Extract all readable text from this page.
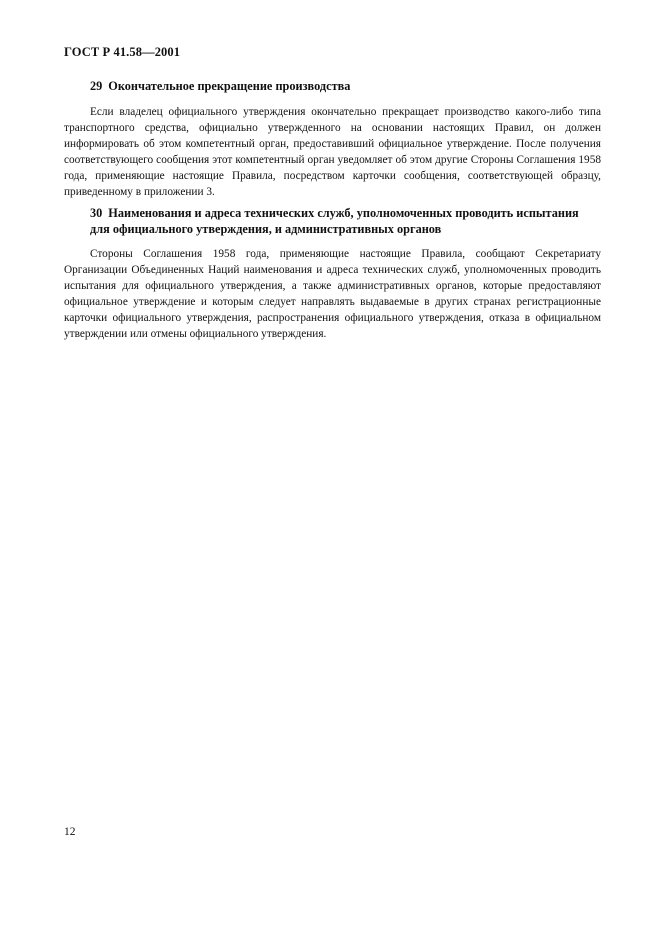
ГОСТ Р 41.58—2001

29 Окончательное прекращение производства

Если владелец официального утверждения окончательно прекращает производство какого-либо типа транспортного средства, официально утвержденного на основании настоящих Правил, он должен информировать об этом компетентный орган, предоставивший официальное утверждение. После получения соответствующего сообщения этот компетентный орган уведомляет об этом другие Стороны Соглашения 1958 года, применяющие настоящие Правила, посредством карточки сообщения, соответствующей образцу, приведенному в приложении 3.

30 Наименования и адреса технических служб, уполномоченных проводить испытания для официального утверждения, и административных органов

Стороны Соглашения 1958 года, применяющие настоящие Правила, сообщают Секретариату Организации Объединенных Наций наименования и адреса технических служб, уполномоченных проводить испытания для официального утверждения, а также административных органов, которые предоставляют официальное утверждение и которым следует направлять выдаваемые в других странах регистрационные карточки официального утверждения, распространения официального утверждения, отказа в официальном утверждении или отмены официального утверждения.

12
